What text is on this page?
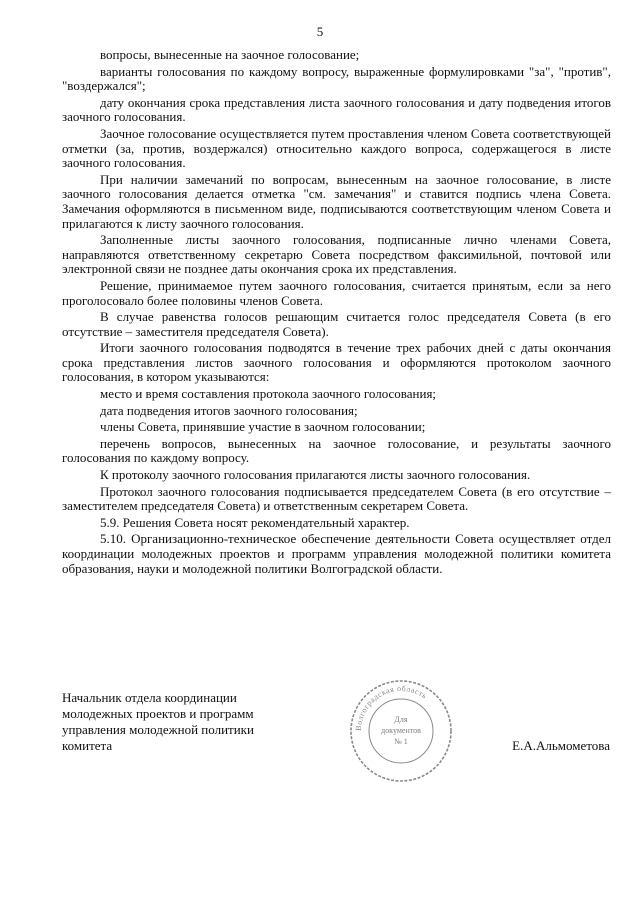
5

вопросы, вынесенные на заочное голосование;

варианты голосования по каждому вопросу, выраженные формулировками "за", "против", "воздержался";

дату окончания срока представления листа заочного голосования и дату подведения итогов заочного голосования.

Заочное голосование осуществляется путем проставления членом Совета соответствующей отметки (за, против, воздержался) относительно каждого вопроса, содержащегося в листе заочного голосования.

При наличии замечаний по вопросам, вынесенным на заочное голосование, в листе заочного голосования делается отметка "см. замечания" и ставится подпись члена Совета. Замечания оформляются в письменном виде, подписываются соответствующим членом Совета и прилагаются к листу заочного голосования.

Заполненные листы заочного голосования, подписанные лично членами Совета, направляются ответственному секретарю Совета посредством факсимильной, почтовой или электронной связи не позднее даты окончания срока их представления.

Решение, принимаемое путем заочного голосования, считается принятым, если за него проголосовало более половины членов Совета.

В случае равенства голосов решающим считается голос председателя Совета (в его отсутствие – заместителя председателя Совета).

Итоги заочного голосования подводятся в течение трех рабочих дней с даты окончания срока представления листов заочного голосования и оформляются протоколом заочного голосования, в котором указываются:

место и время составления протокола заочного голосования;

дата подведения итогов заочного голосования;

члены Совета, принявшие участие в заочном голосовании;

перечень вопросов, вынесенных на заочное голосование, и результаты заочного голосования по каждому вопросу.

К протоколу заочного голосования прилагаются листы заочного голосования.

Протокол заочного голосования подписывается председателем Совета (в его отсутствие – заместителем председателя Совета) и ответственным секретарем Совета.

5.9. Решения Совета носят рекомендательный характер.

5.10. Организационно-техническое обеспечение деятельности Совета осуществляет отдел координации молодежных проектов и программ управления молодежной политики комитета образования, науки и молодежной политики Волгоградской области.

Начальник отдела координации
молодежных проектов и программ
управления молодежной политики
комитета
Волгоградская область
Для
документов
№ 1	Е.А.Альмометова
